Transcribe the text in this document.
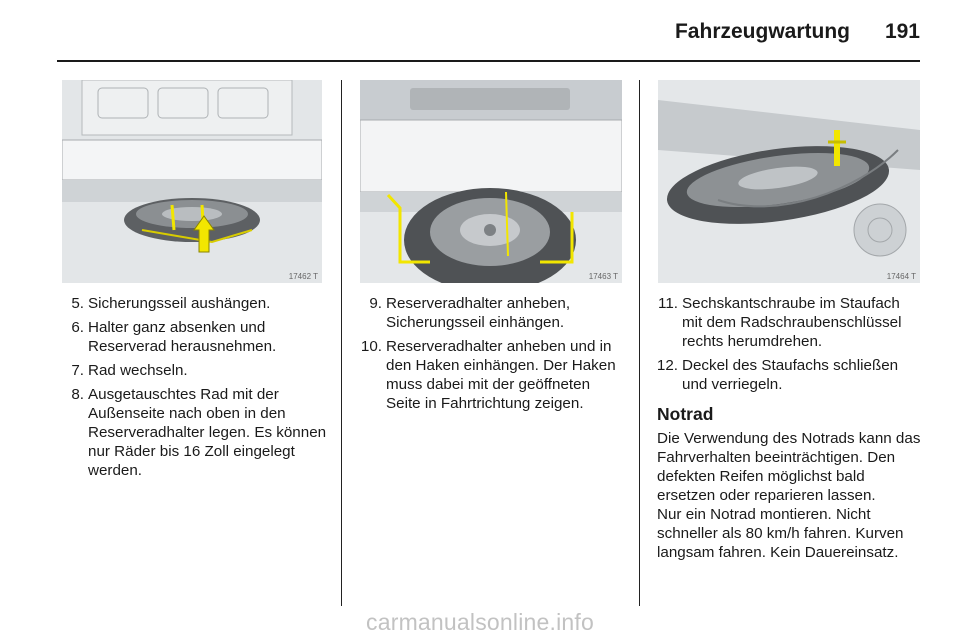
Fahrzeugwartung	191
17462 T	17463 T	17464 T
5. Sicherungsseil aushängen.
6. Halter ganz absenken und Reserverad herausnehmen.
7. Rad wechseln.
8. Ausgetauschtes Rad mit der Außenseite nach oben in den Reserveradhalter legen. Es können nur Räder bis 16 Zoll eingelegt werden.
9. Reserveradhalter anheben, Sicherungsseil einhängen.
10. Reserveradhalter anheben und in den Haken einhängen. Der Haken muss dabei mit der geöffneten Seite in Fahrtrichtung zeigen.
11. Sechskantschraube im Staufach mit dem Radschraubenschlüssel rechts herumdrehen.
12. Deckel des Staufachs schließen und verriegeln.
Notrad

Die Verwendung des Notrads kann das Fahrverhalten beeinträchtigen. Den defekten Reifen möglichst bald ersetzen oder reparieren lassen.

Nur ein Notrad montieren. Nicht schneller als 80 km/h fahren. Kurven langsam fahren. Kein Dauereinsatz.

carmanualsonline.info
